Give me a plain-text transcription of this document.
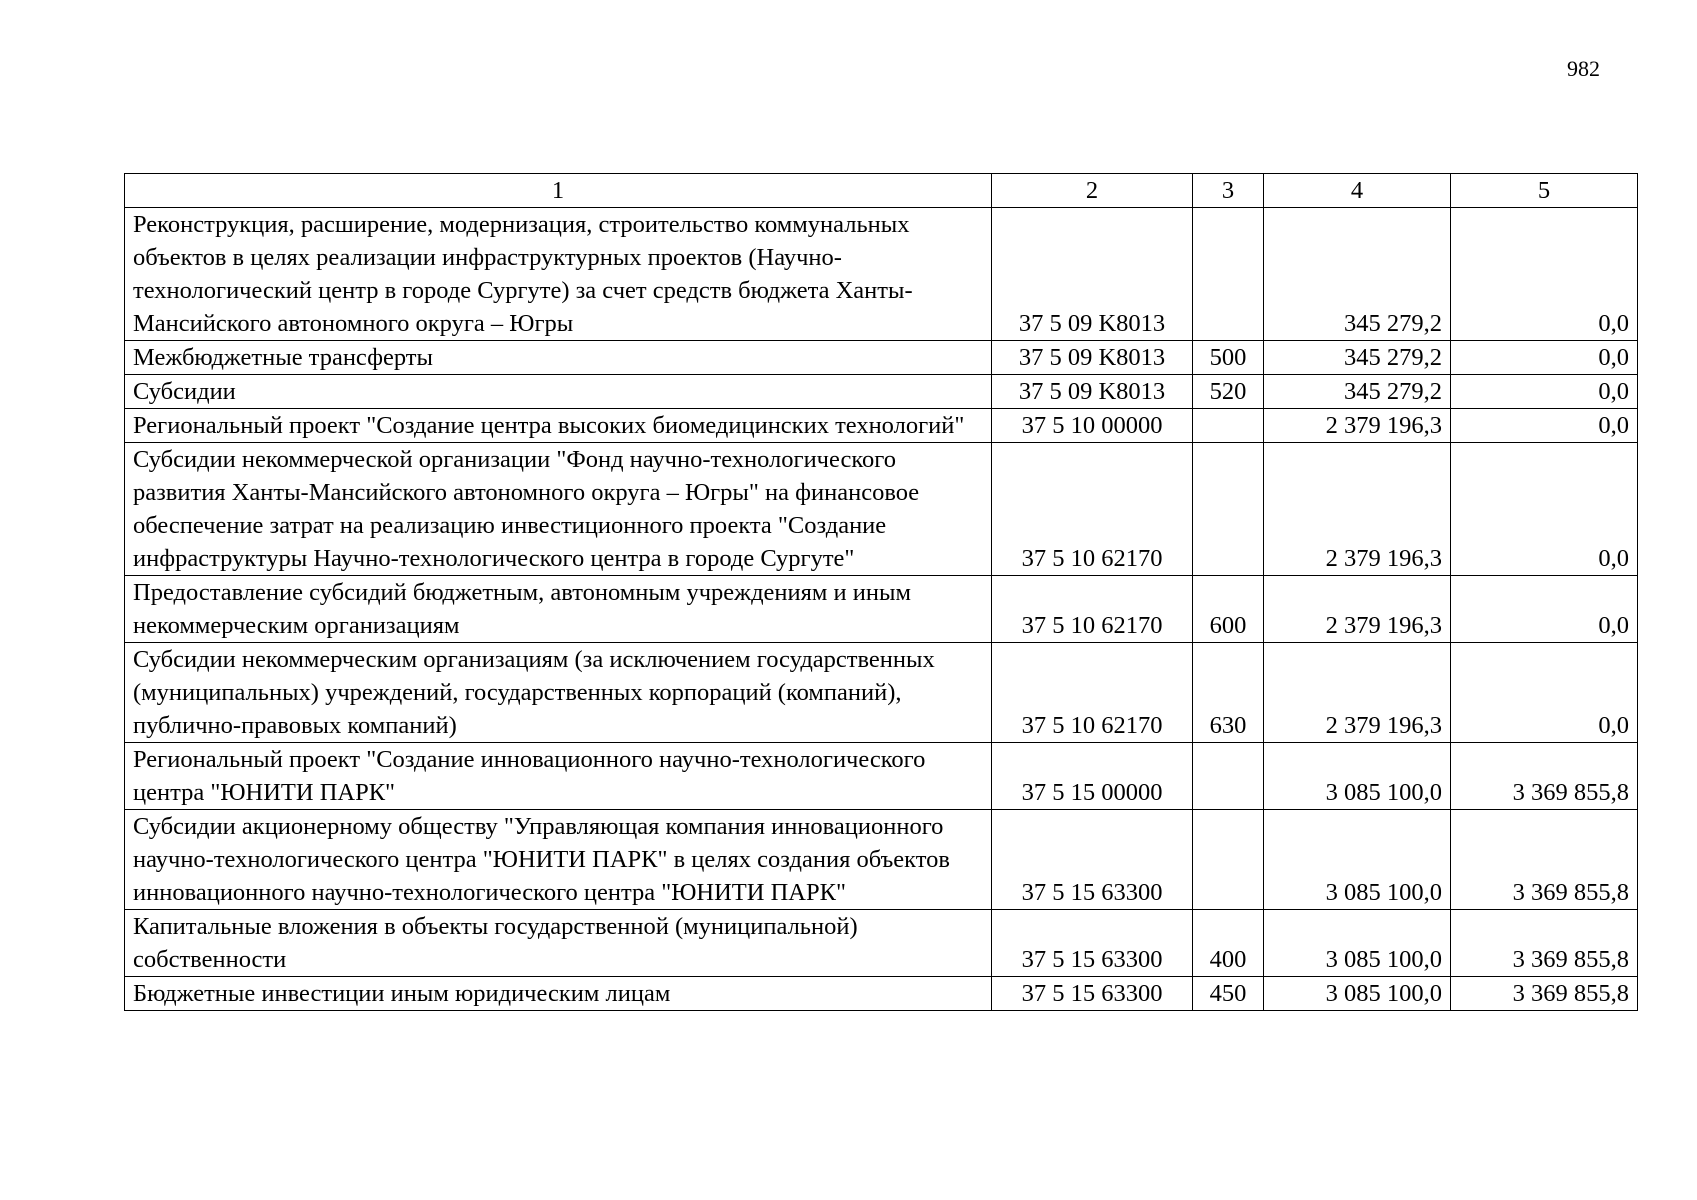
982
1	2	3	4	5
Реконструкция, расширение, модернизация, строительство коммунальных объектов в целях реализации инфраструктурных проектов (Научно-технологический центр в городе Сургуте) за счет средств бюджета Ханты-Мансийского автономного округа – Югры	37 5 09 K8013		345 279,2	0,0
Межбюджетные трансферты	37 5 09 K8013	500	345 279,2	0,0
Субсидии	37 5 09 K8013	520	345 279,2	0,0
Региональный проект "Создание центра высоких биомедицинских технологий"	37 5 10 00000		2 379 196,3	0,0
Субсидии некоммерческой организации "Фонд научно-технологического развития Ханты-Мансийского автономного округа – Югры" на финансовое обеспечение затрат на реализацию инвестиционного проекта "Создание инфраструктуры Научно-технологического центра в городе Сургуте"	37 5 10 62170		2 379 196,3	0,0
Предоставление субсидий бюджетным, автономным учреждениям и иным некоммерческим организациям	37 5 10 62170	600	2 379 196,3	0,0
Субсидии некоммерческим организациям (за исключением государственных (муниципальных) учреждений, государственных корпораций (компаний), публично-правовых компаний)	37 5 10 62170	630	2 379 196,3	0,0
Региональный проект "Создание инновационного научно-технологического центра "ЮНИТИ ПАРК"	37 5 15 00000		3 085 100,0	3 369 855,8
Субсидии акционерному обществу "Управляющая компания инновационного научно-технологического центра "ЮНИТИ ПАРК" в целях создания объектов инновационного научно-технологического центра "ЮНИТИ ПАРК"	37 5 15 63300		3 085 100,0	3 369 855,8
Капитальные вложения в объекты государственной (муниципальной) собственности	37 5 15 63300	400	3 085 100,0	3 369 855,8
Бюджетные инвестиции иным юридическим лицам	37 5 15 63300	450	3 085 100,0	3 369 855,8
